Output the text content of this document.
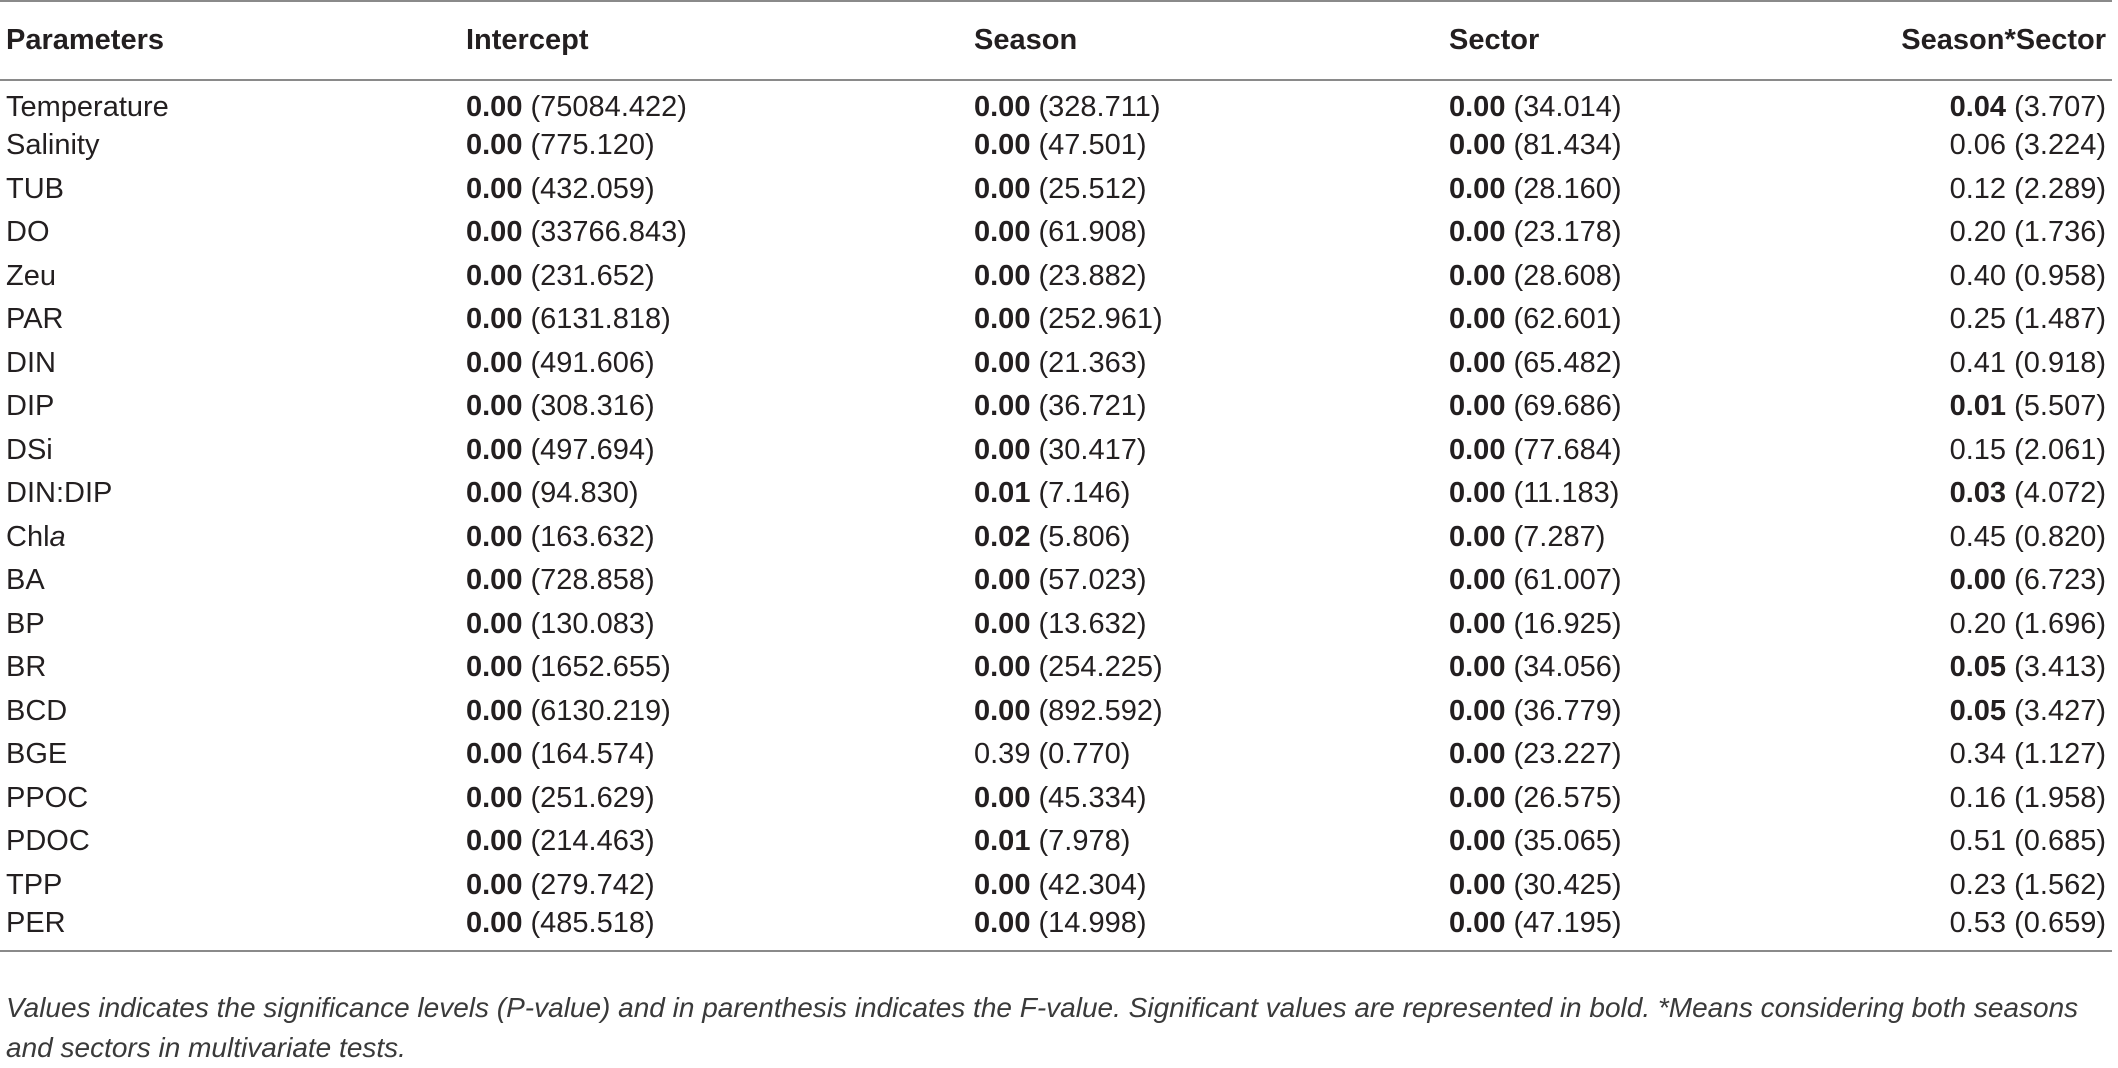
Parameters	Intercept	Season	Sector	Season*Sector
Temperature	0.00 (75084.422)	0.00 (328.711)	0.00 (34.014)	0.04 (3.707)
Salinity	0.00 (775.120)	0.00 (47.501)	0.00 (81.434)	0.06 (3.224)
TUB	0.00 (432.059)	0.00 (25.512)	0.00 (28.160)	0.12 (2.289)
DO	0.00 (33766.843)	0.00 (61.908)	0.00 (23.178)	0.20 (1.736)
Zeu	0.00 (231.652)	0.00 (23.882)	0.00 (28.608)	0.40 (0.958)
PAR	0.00 (6131.818)	0.00 (252.961)	0.00 (62.601)	0.25 (1.487)
DIN	0.00 (491.606)	0.00 (21.363)	0.00 (65.482)	0.41 (0.918)
DIP	0.00 (308.316)	0.00 (36.721)	0.00 (69.686)	0.01 (5.507)
DSi	0.00 (497.694)	0.00 (30.417)	0.00 (77.684)	0.15 (2.061)
DIN:DIP	0.00 (94.830)	0.01 (7.146)	0.00 (11.183)	0.03 (4.072)
Chla	0.00 (163.632)	0.02 (5.806)	0.00 (7.287)	0.45 (0.820)
BA	0.00 (728.858)	0.00 (57.023)	0.00 (61.007)	0.00 (6.723)
BP	0.00 (130.083)	0.00 (13.632)	0.00 (16.925)	0.20 (1.696)
BR	0.00 (1652.655)	0.00 (254.225)	0.00 (34.056)	0.05 (3.413)
BCD	0.00 (6130.219)	0.00 (892.592)	0.00 (36.779)	0.05 (3.427)
BGE	0.00 (164.574)	0.39 (0.770)	0.00 (23.227)	0.34 (1.127)
PPOC	0.00 (251.629)	0.00 (45.334)	0.00 (26.575)	0.16 (1.958)
PDOC	0.00 (214.463)	0.01 (7.978)	0.00 (35.065)	0.51 (0.685)
TPP	0.00 (279.742)	0.00 (42.304)	0.00 (30.425)	0.23 (1.562)
PER	0.00 (485.518)	0.00 (14.998)	0.00 (47.195)	0.53 (0.659)
Values indicates the significance levels (P-value) and in parenthesis indicates the F-value. Significant values are represented in bold. *Means considering both seasons and sectors in multivariate tests.
